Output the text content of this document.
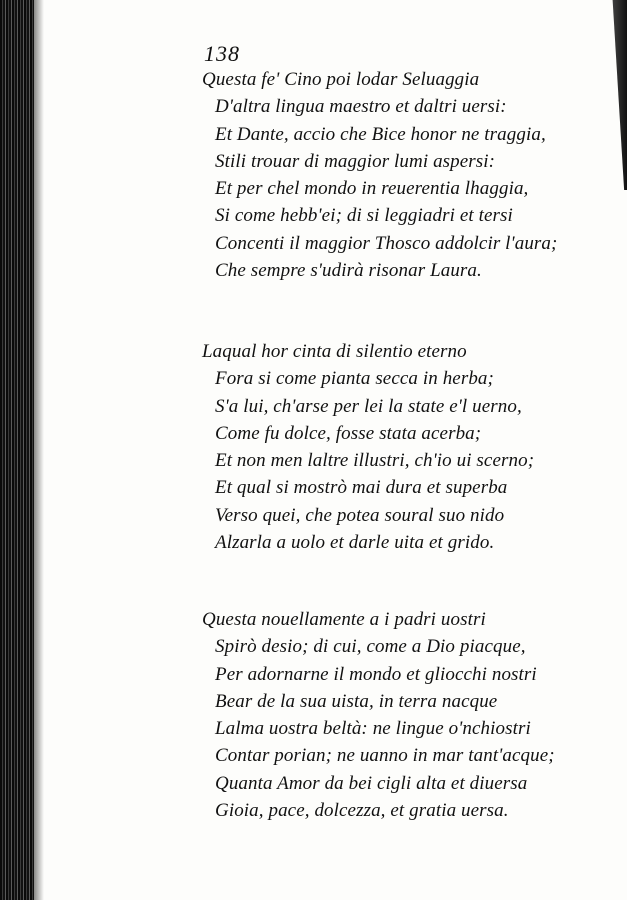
138
Questa fe' Cino poi lodar Seluaggia
D'altra lingua maestro et daltri uersi:
Et Dante, accio che Bice honor ne traggia,
Stili trouar di maggior lumi aspersi:
Et per chel mondo in reuerentia lhaggia,
Si come hebb'ei; di si leggiadri et tersi
Concenti il maggior Thosco addolcir l'aura;
Che sempre s'udirà risonar Laura.
Laqual hor cinta di silentio eterno
Fora si come pianta secca in herba;
S'a lui, ch'arse per lei la state e'l uerno,
Come fu dolce, fosse stata acerba;
Et non men laltre illustri, ch'io ui scerno;
Et qual si mostrò mai dura et superba
Verso quei, che potea soural suo nido
Alzarla a uolo et darle uita et grido.
Questa nouellamente a i padri uostri
Spirò desio; di cui, come a Dio piacque,
Per adornarne il mondo et gliocchi nostri
Bear de la sua uista, in terra nacque
Lalma uostra beltà: ne lingue o'nchiostri
Contar porian; ne uanno in mar tant'acque;
Quanta Amor da bei cigli alta et diuersa
Gioia, pace, dolcezza, et gratia uersa.
